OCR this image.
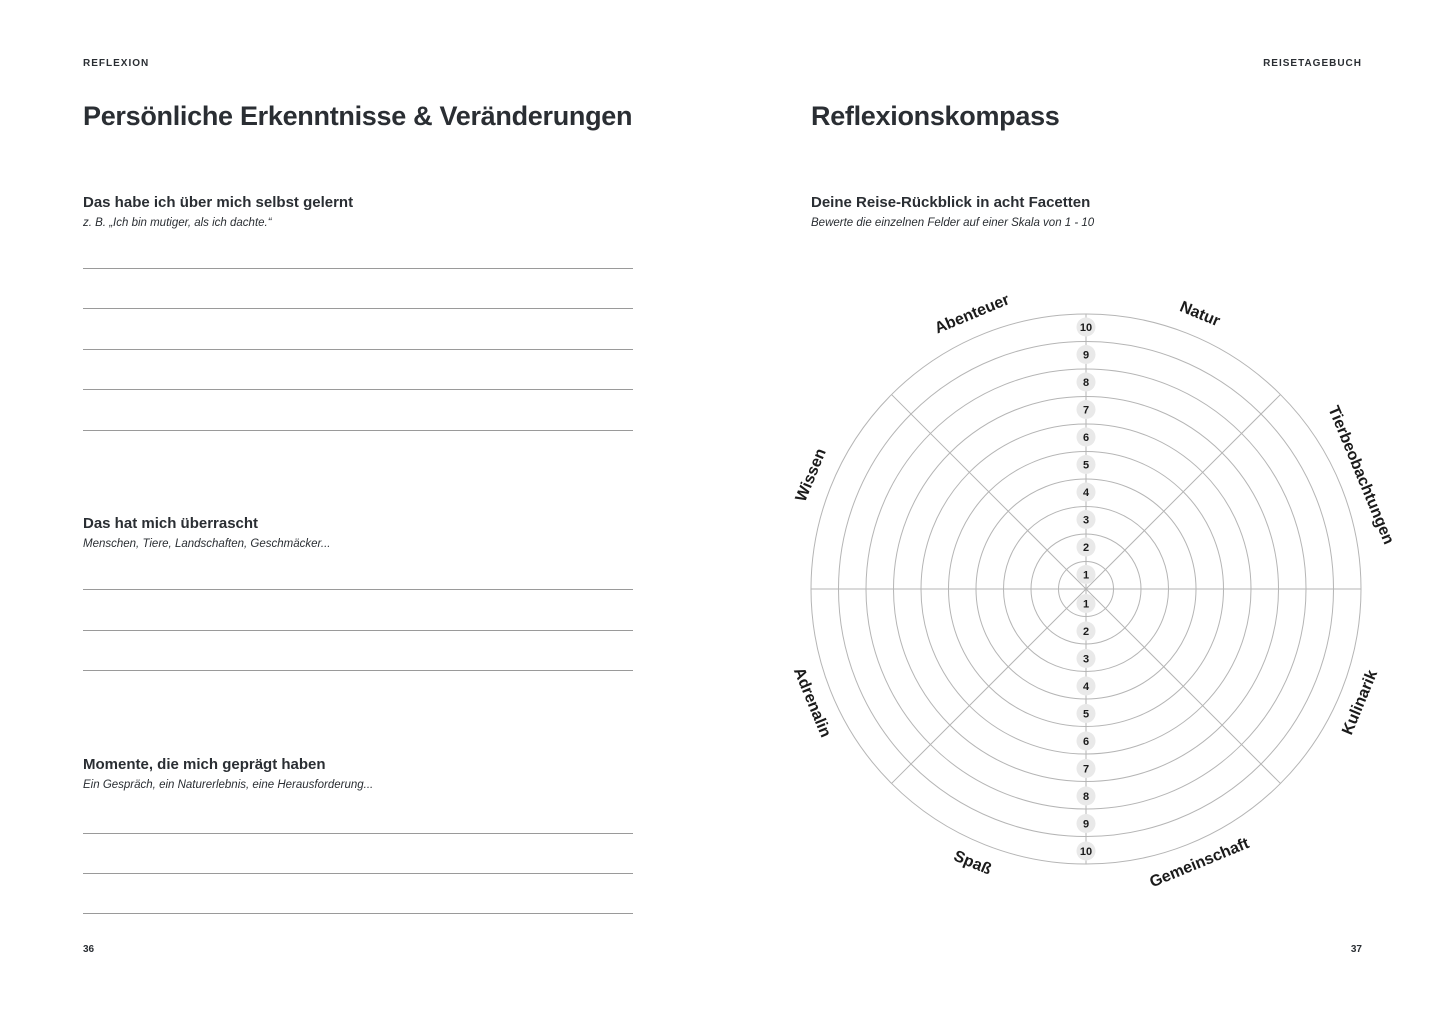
REFLEXION
Persönliche Erkenntnisse & Veränderungen
Das habe ich über mich selbst gelernt
z. B. „Ich bin mutiger, als ich dachte.“
Das hat mich überrascht
Menschen, Tiere, Landschaften, Geschmäcker...
Momente, die mich geprägt haben
Ein Gespräch, ein Naturerlebnis, eine Herausforderung...
36
REISETAGEBUCH
Reflexionskompass
Deine Reise-Rückblick in acht Facetten
Bewerte die einzelnen Felder auf einer Skala von 1 - 10
1
2
3
4
5
6
7
8
9
10
1
2
3
4
5
6
7
8
9
10
Abenteuer	Natur
Tierbeobachtungen
Kulinarik
Gemeinschaft
Spaß
Adrenalin
Wissen
37
